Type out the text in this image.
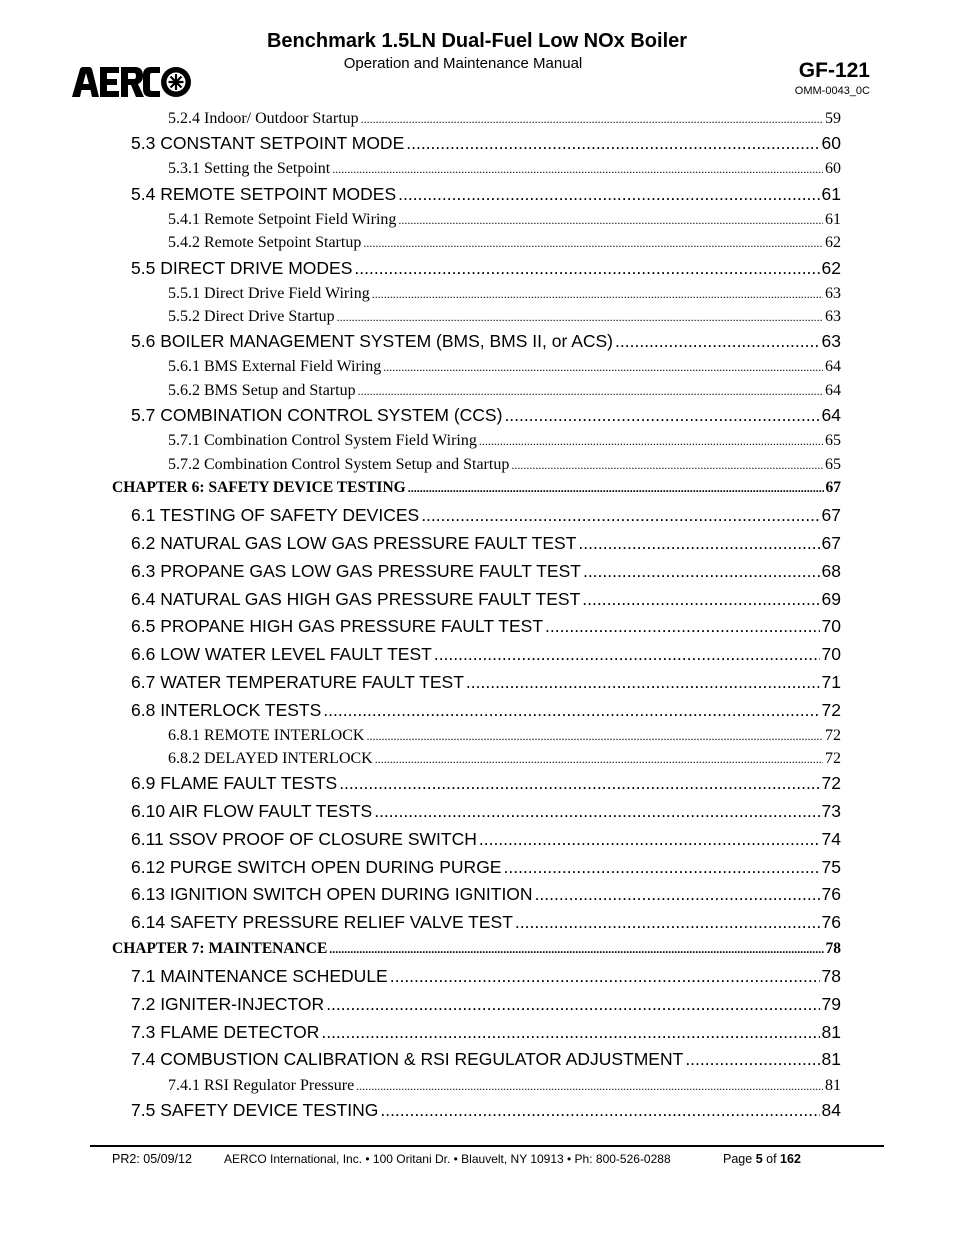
Benchmark 1.5LN Dual-Fuel Low NOx Boiler
Operation and Maintenance Manual	GF-121
OMM-0043_0C
5.2.4 Indoor/ Outdoor Startup .....	59
5.3 CONSTANT SETPOINT MODE .....	60
5.3.1 Setting the Setpoint .....	60
5.4 REMOTE SETPOINT MODES .....	61
5.4.1 Remote Setpoint Field Wiring .....	61
5.4.2 Remote Setpoint Startup .....	62
5.5 DIRECT DRIVE MODES .....	62
5.5.1 Direct Drive Field Wiring .....	63
5.5.2 Direct Drive Startup .....	63
5.6 BOILER MANAGEMENT SYSTEM (BMS, BMS II, or ACS) .....	63
5.6.1 BMS External Field Wiring .....	64
5.6.2 BMS Setup and Startup .....	64
5.7 COMBINATION CONTROL SYSTEM (CCS) .....	64
5.7.1 Combination Control System Field Wiring .....	65
5.7.2 Combination Control System Setup and Startup .....	65
CHAPTER 6: SAFETY DEVICE TESTING .....	67
6.1 TESTING OF SAFETY DEVICES .....	67
6.2 NATURAL GAS LOW GAS PRESSURE FAULT TEST .....	67
6.3 PROPANE GAS LOW GAS PRESSURE FAULT TEST .....	68
6.4 NATURAL GAS HIGH GAS PRESSURE FAULT TEST .....	69
6.5 PROPANE HIGH GAS PRESSURE FAULT TEST .....	70
6.6 LOW WATER LEVEL FAULT TEST .....	70
6.7 WATER TEMPERATURE FAULT TEST .....	71
6.8 INTERLOCK TESTS .....	72
6.8.1 REMOTE INTERLOCK .....	72
6.8.2 DELAYED INTERLOCK .....	72
6.9 FLAME FAULT TESTS .....	72
6.10 AIR FLOW FAULT TESTS .....	73
6.11 SSOV PROOF OF CLOSURE SWITCH .....	74
6.12 PURGE SWITCH OPEN DURING PURGE .....	75
6.13 IGNITION SWITCH OPEN DURING IGNITION .....	76
6.14 SAFETY PRESSURE RELIEF VALVE TEST .....	76
CHAPTER 7: MAINTENANCE .....	78
7.1 MAINTENANCE SCHEDULE .....	78
7.2 IGNITER-INJECTOR .....	79
7.3 FLAME DETECTOR .....	81
7.4 COMBUSTION CALIBRATION & RSI REGULATOR ADJUSTMENT .....	81
7.4.1 RSI Regulator Pressure .....	81
7.5 SAFETY DEVICE TESTING .....	84
PR2: 05/09/12	AERCO International, Inc. • 100 Oritani Dr. • Blauvelt, NY 10913 • Ph: 800-526-0288	Page 5 of 162
